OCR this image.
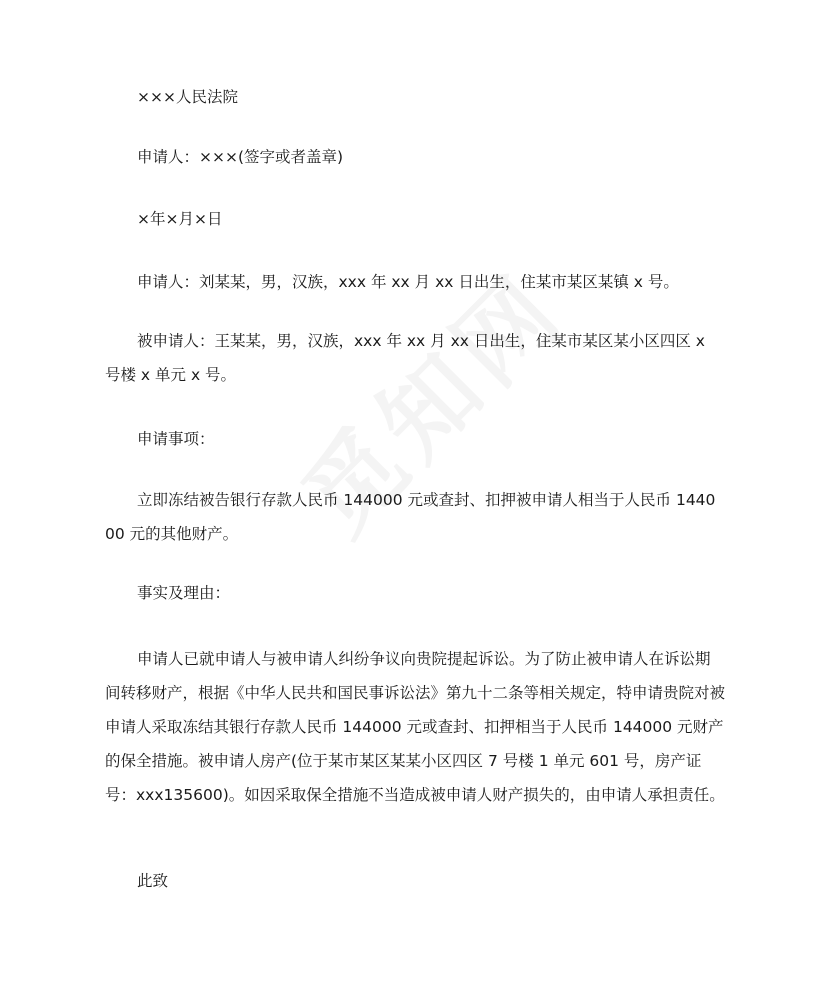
×××人民法院

申请人：×××(签字或者盖章)

×年×月×日

申请人：刘某某，男，汉族，xxx 年 xx 月 xx 日出生，住某市某区某镇 x 号。

被申请人：王某某，男，汉族，xxx 年 xx 月 xx 日出生，住某市某区某小区四区 x 号楼 x 单元 x 号。

申请事项：

立即冻结被告银行存款人民币 144000 元或查封、扣押被申请人相当于人民币 144000 元的其他财产。

事实及理由：

申请人已就申请人与被申请人纠纷争议向贵院提起诉讼。为了防止被申请人在诉讼期间转移财产，根据《中华人民共和国民事诉讼法》第九十二条等相关规定，特申请贵院对被申请人采取冻结其银行存款人民币 144000 元或查封、扣押相当于人民币 144000 元财产的保全措施。被申请人房产(位于某市某区某某小区四区 7 号楼 1 单元 601 号，房产证号：xxx135600)。如因采取保全措施不当造成被申请人财产损失的，由申请人承担责任。

此致
